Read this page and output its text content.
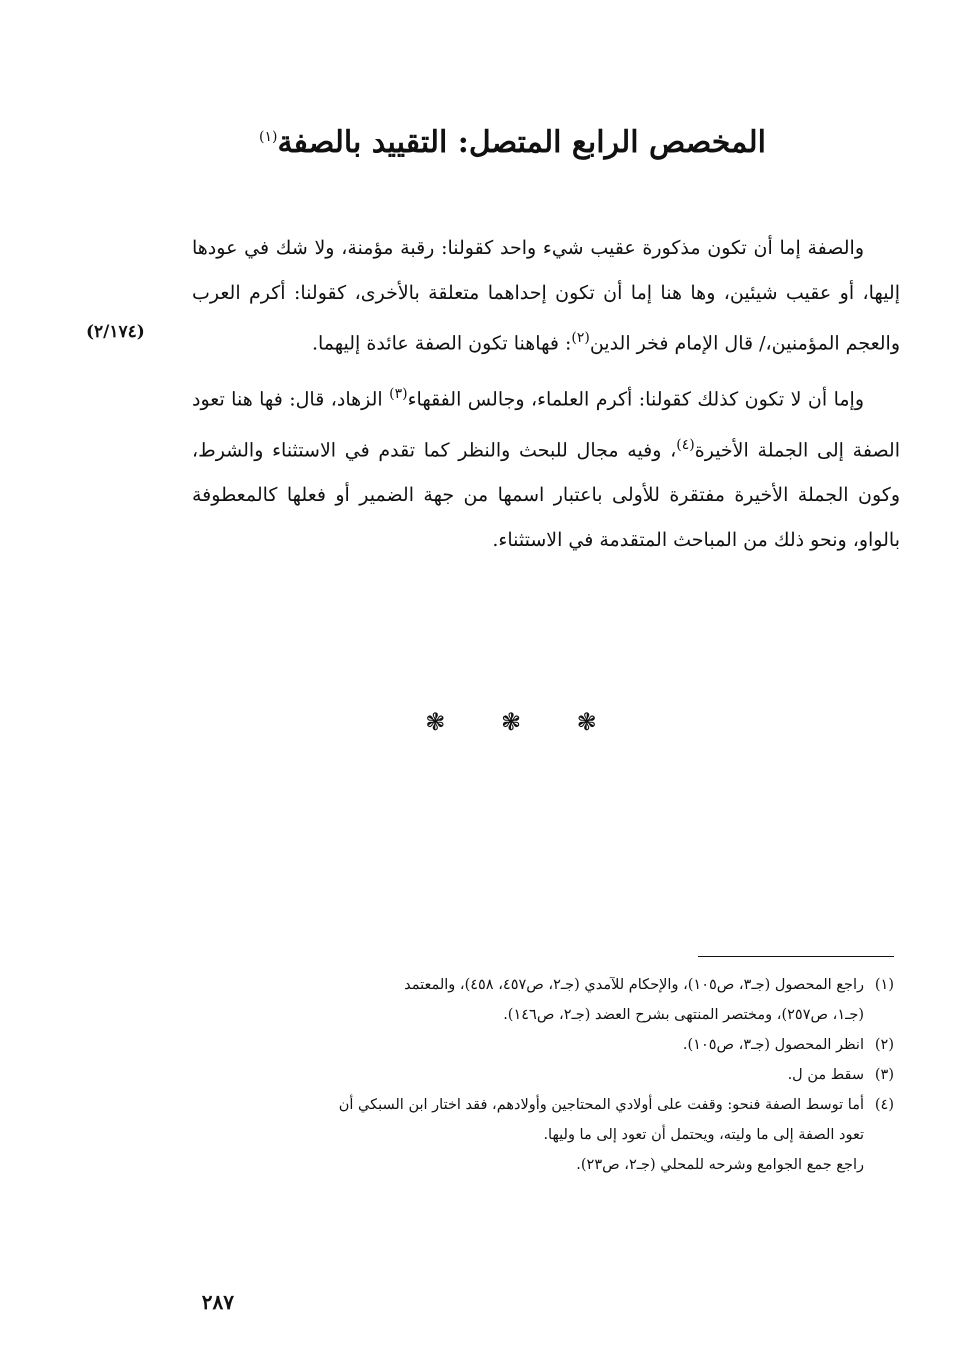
المخصص الرابع المتصل: التقييد بالصفة$^{(١)}$
(٢/١٧٤)

والصفة إما أن تكون مذكورة عقيب شيء واحد كقولنا: رقبة مؤمنة، ولا شك في عودها إليها، أو عقيب شيئين، وها هنا إما أن تكون إحداهما متعلقة بالأخرى، كقولنا: أكرم العرب والعجم المؤمنين،/ قال الإمام فخر الدين$^{(٢)}$: فهاهنا تكون الصفة عائدة إليهما.

وإما أن لا تكون كذلك كقولنا: أكرم العلماء، وجالس الفقهاء$^{(٣)}$ الزهاد، قال: فها هنا تعود الصفة إلى الجملة الأخيرة$^{(٤)}$، وفيه مجال للبحث والنظر كما تقدم في الاستثناء والشرط، وكون الجملة الأخيرة مفتقرة للأولى باعتبار اسمها من جهة الضمير أو فعلها كالمعطوفة بالواو، ونحو ذلك من المباحث المتقدمة في الاستثناء.

❃ ❃ ❃

(١)راجع المحصول (جـ٣، ص١٠٥)، والإحكام للآمدي (جـ٢، ص٤٥٧، ٤٥٨)، والمعتمد

(جـ١، ص٢٥٧)، ومختصر المنتهى بشرح العضد (جـ٢، ص١٤٦).

(٢)انظر المحصول (جـ٣، ص١٠٥).

(٣)سقط من ل.

(٤)أما توسط الصفة فنحو: وقفت على أولادي المحتاجين وأولادهم، فقد اختار ابن السبكي أن

تعود الصفة إلى ما وليته، ويحتمل أن تعود إلى ما وليها.

راجع جمع الجوامع وشرحه للمحلي (جـ٢، ص٢٣).

٢٨٧
